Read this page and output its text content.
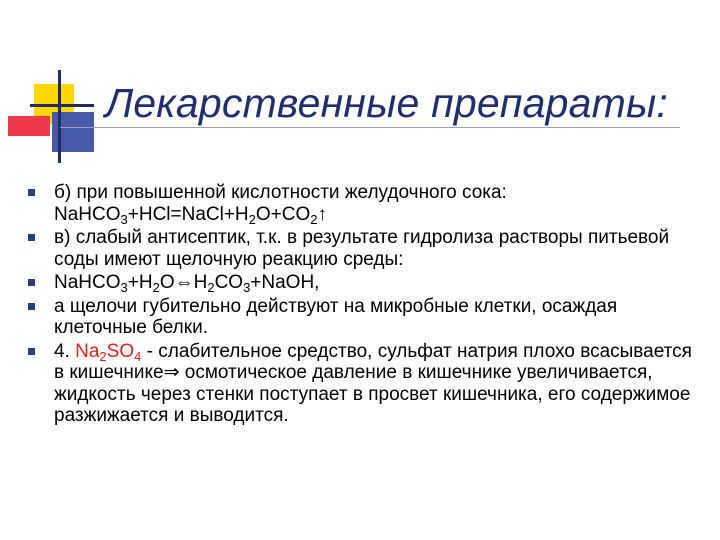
Лекарственные препараты:
б) при повышенной кислотности желудочного сока:
$NaHCO_3+HCl=NaCl+H_2O+CO_2↑$
в) слабый антисептик, т.к. в результате гидролиза растворы питьевой соды имеют щелочную реакцию среды:
$NaHCO_3+H_2O\Leftrightarrow H_2CO_3+NaOH$,
а щелочи губительно действуют на микробные клетки, осаждая клеточные белки.
4. $Na_2SO_4$ - слабительное средство, сульфат натрия плохо всасывается в кишечнике⇒ осмотическое давление в кишечнике увеличивается, жидкость через стенки поступает в просвет кишечника, его содержимое разжижается и выводится.
